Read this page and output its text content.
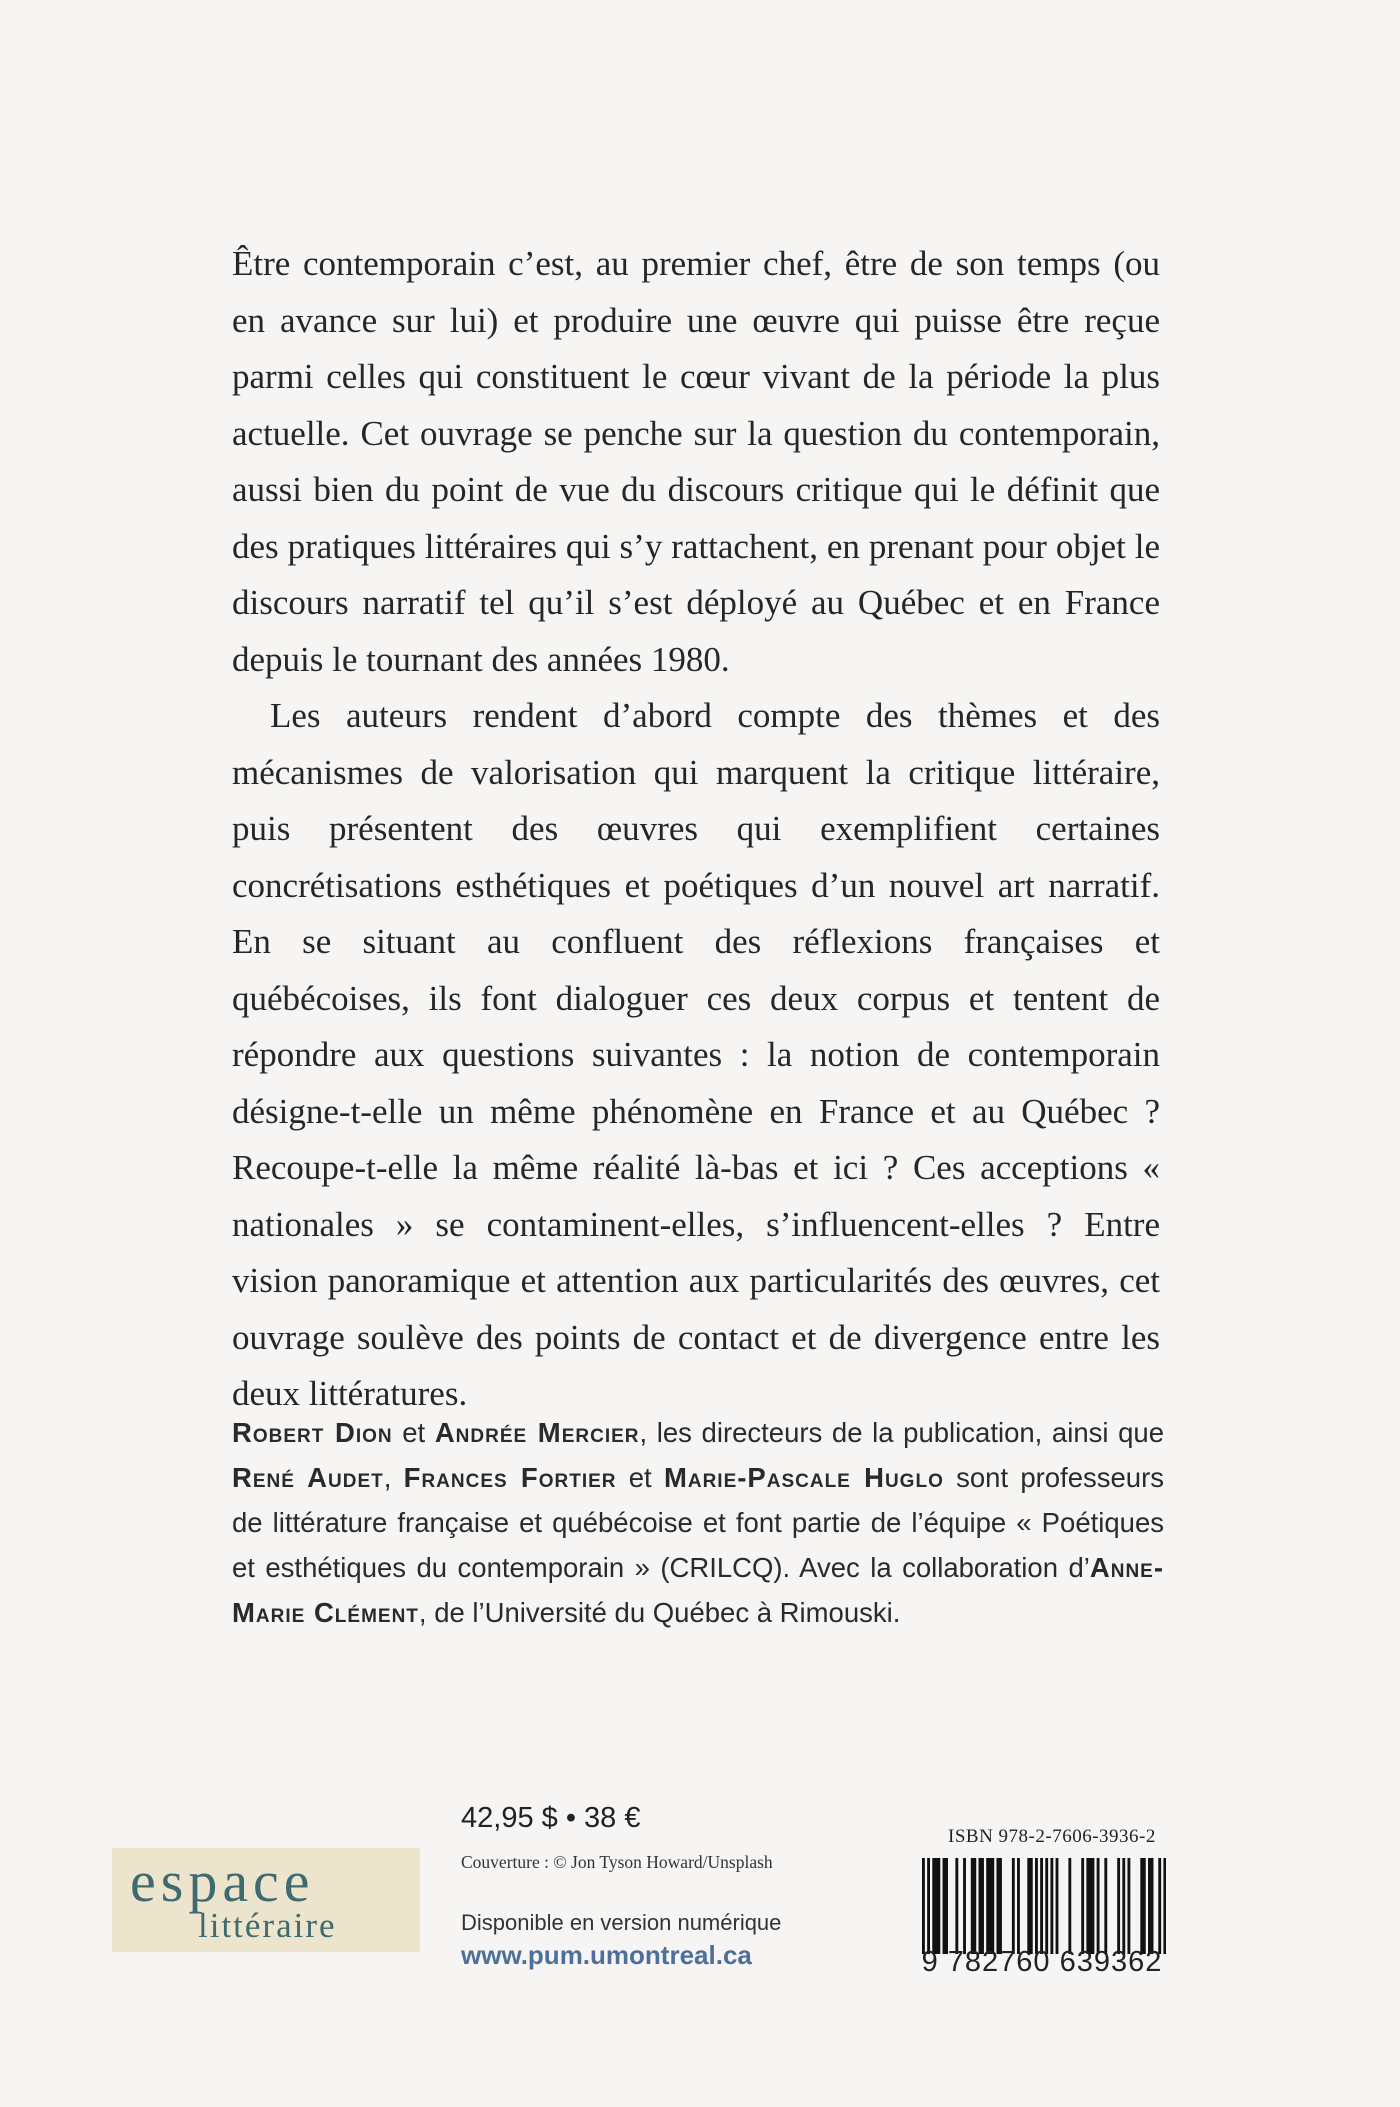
Être contemporain c’est, au premier chef, être de son temps (ou en avance sur lui) et produire une œuvre qui puisse être reçue parmi celles qui constituent le cœur vivant de la période la plus actuelle. Cet ouvrage se penche sur la question du contemporain, aussi bien du point de vue du discours critique qui le définit que des pratiques littéraires qui s’y rattachent, en prenant pour objet le discours narratif tel qu’il s’est déployé au Québec et en France depuis le tournant des années 1980.

Les auteurs rendent d’abord compte des thèmes et des mécanismes de valorisation qui marquent la critique littéraire, puis présentent des œuvres qui exemplifient certaines concrétisations esthétiques et poétiques d’un nouvel art narratif. En se situant au confluent des réflexions françaises et québécoises, ils font dialoguer ces deux corpus et tentent de répondre aux questions suivantes : la notion de contemporain désigne-t-elle un même phénomène en France et au Québec ? Recoupe-t-elle la même réalité là-bas et ici ? Ces acceptions « nationales » se contaminent-elles, s’influencent-elles ? Entre vision panoramique et attention aux particularités des œuvres, cet ouvrage soulève des points de contact et de divergence entre les deux littératures.

Robert Dion et Andrée Mercier, les directeurs de la publication, ainsi que René Audet, Frances Fortier et Marie-Pascale Huglo sont professeurs de littérature française et québécoise et font partie de l’équipe « Poétiques et esthétiques du contemporain » (CRILCQ). Avec la collaboration d’Anne-Marie Clément, de l’Université du Québec à Rimouski.

espace
littéraire
42,95 $ • 38 €
Couverture : © Jon Tyson Howard/Unsplash
Disponible en version numérique
www.pum.umontreal.ca
ISBN 978-2-7606-3936-2
9 782760 639362
